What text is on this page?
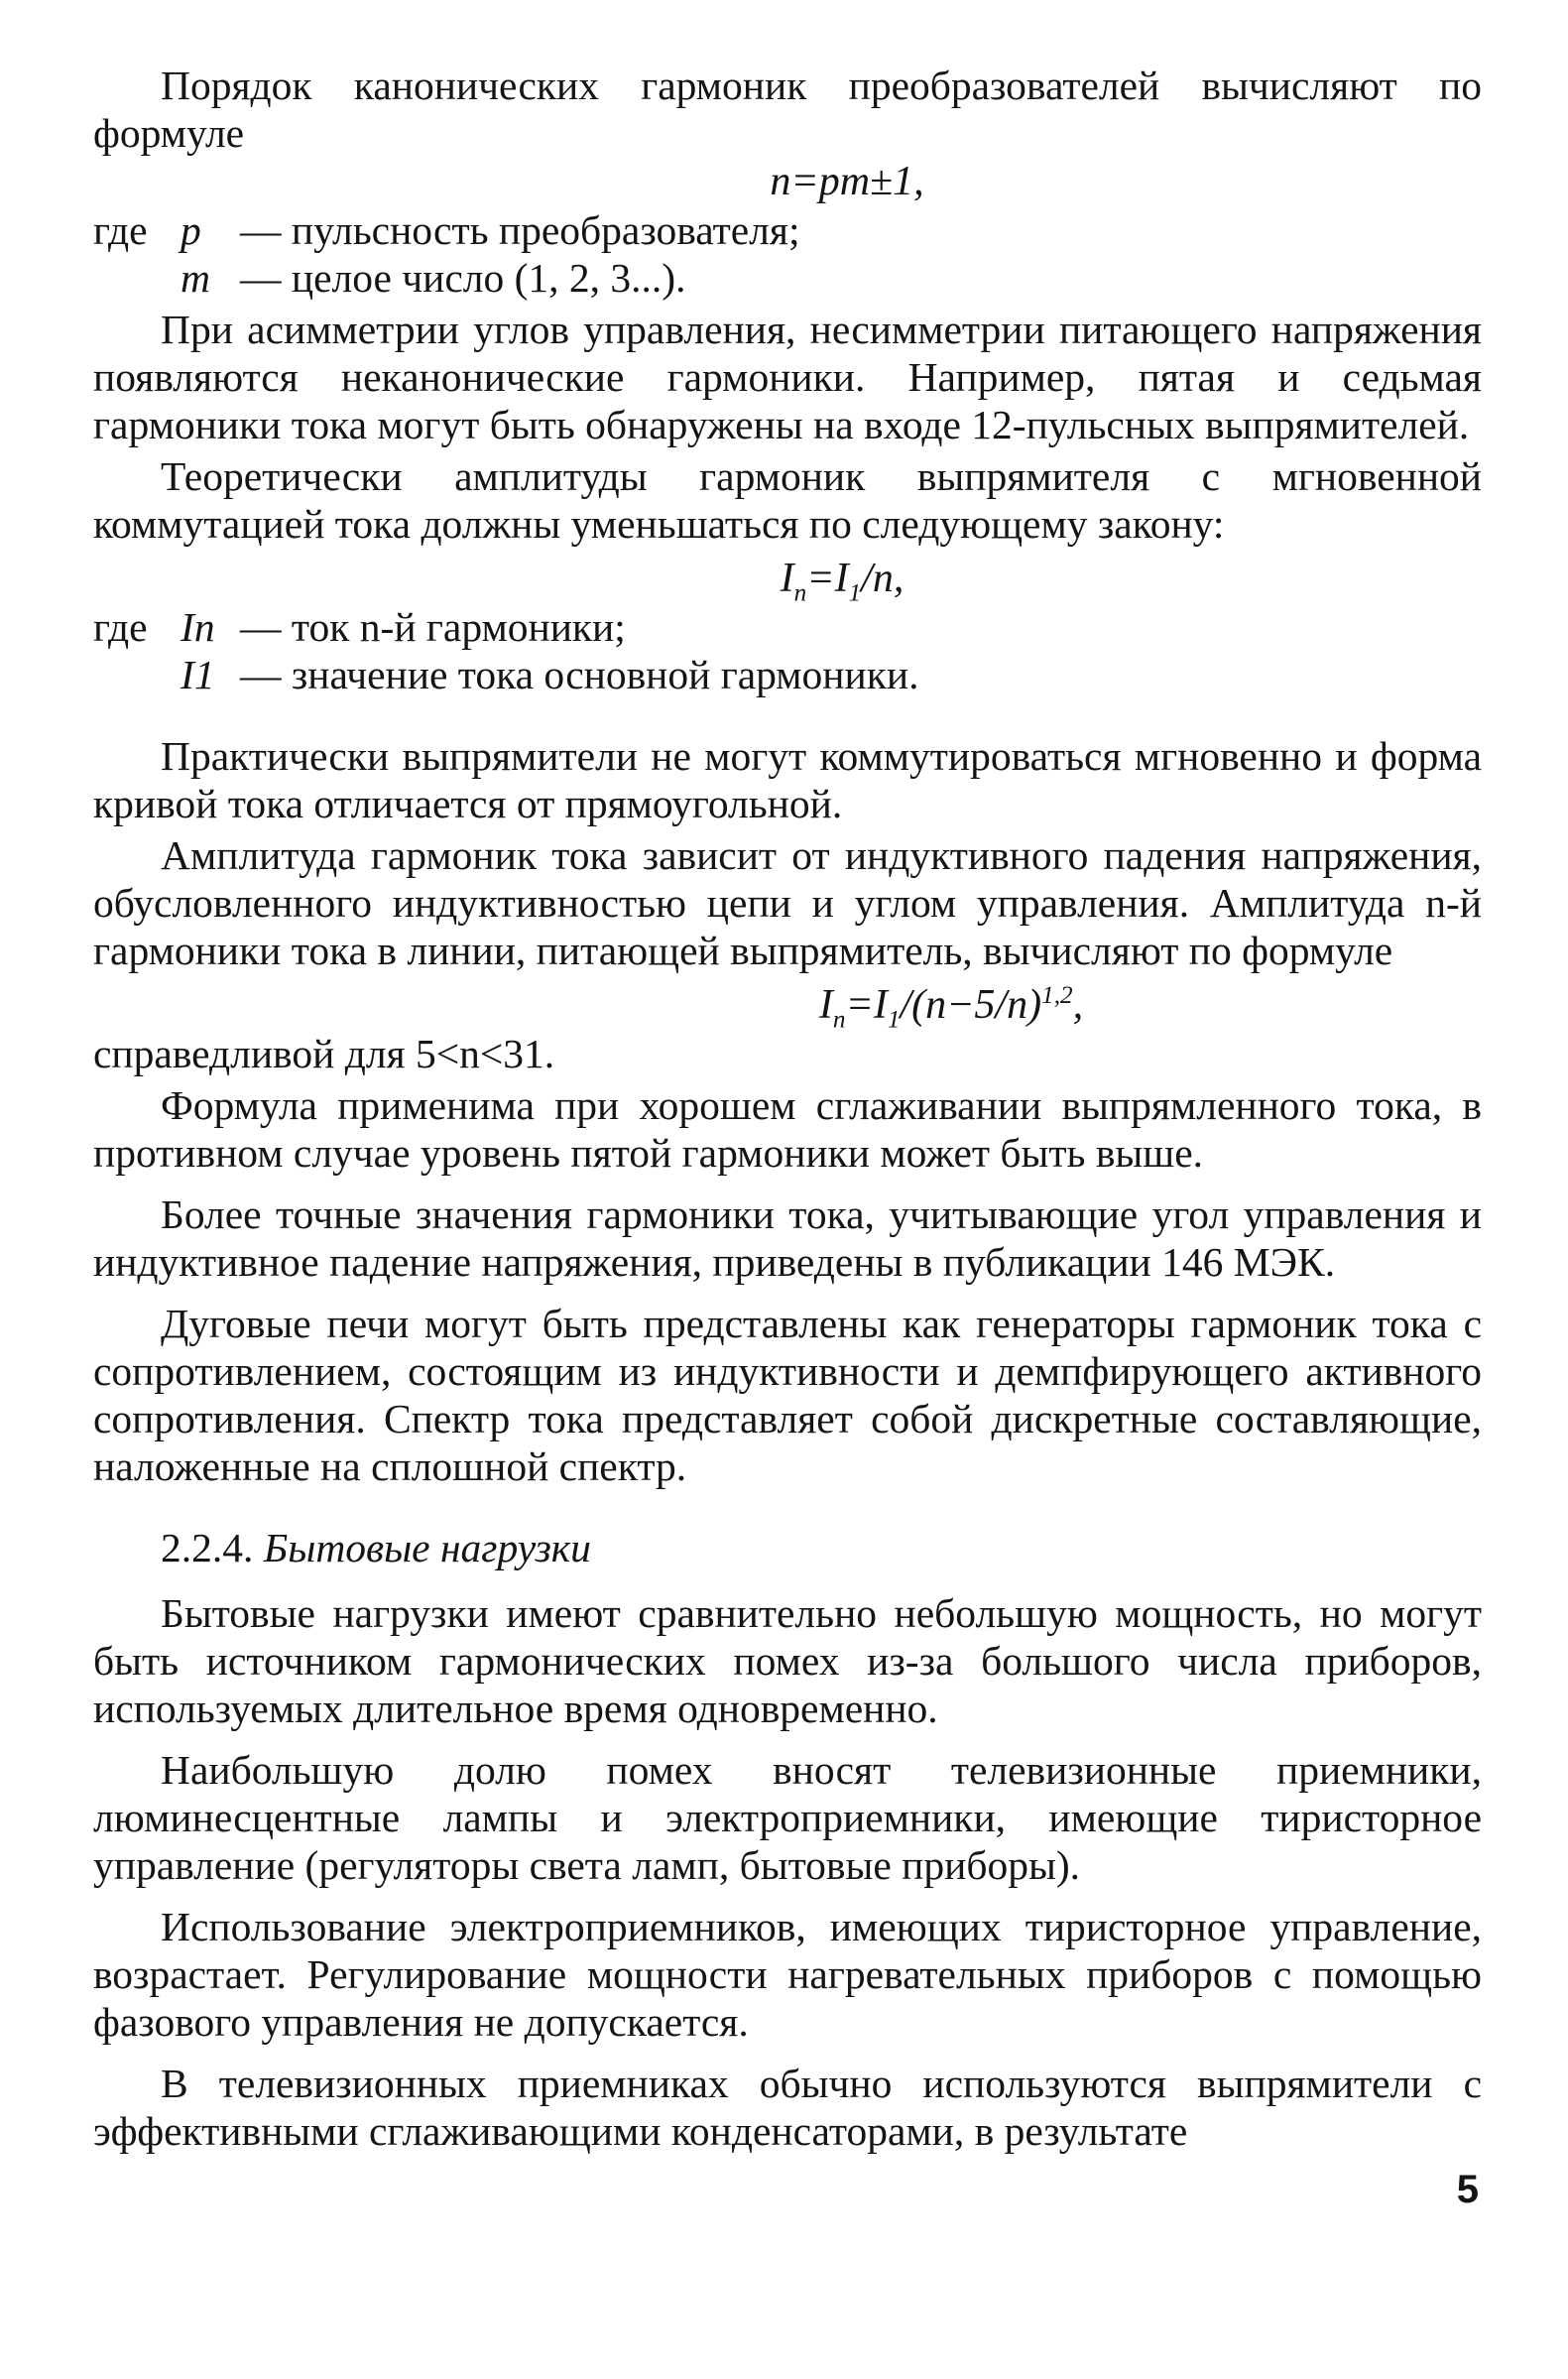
Порядок канонических гармоник преобразователей вычисляют по формуле

n=pm±1,

где p — пульсность преобразователя;
m — целое число (1, 2, 3...).

При асимметрии углов управления, несимметрии питающего напряжения появляются неканонические гармоники. Например, пятая и седьмая гармоники тока могут быть обнаружены на входе 12-пульсных выпрямителей.

Теоретически амплитуды гармоник выпрямителя с мгновенной коммутацией тока должны уменьшаться по следующему закону:

$I_n=I_1/n$,

где In — ток n-й гармоники;
I1 — значение тока основной гармоники.

Практически выпрямители не могут коммутироваться мгновенно и форма кривой тока отличается от прямоугольной.

Амплитуда гармоник тока зависит от индуктивного падения напряжения, обусловленного индуктивностью цепи и углом управления. Амплитуда n-й гармоники тока в линии, питающей выпрямитель, вычисляют по формуле

$I_n=I_1/(n-5/n)^{1,2}$,

справедливой для 5<n<31.

Формула применима при хорошем сглаживании выпрямленного тока, в противном случае уровень пятой гармоники может быть выше.

Более точные значения гармоники тока, учитывающие угол управления и индуктивное падение напряжения, приведены в публикации 146 МЭК.

Дуговые печи могут быть представлены как генераторы гармоник тока с сопротивлением, состоящим из индуктивности и демпфирующего активного сопротивления. Спектр тока представляет собой дискретные составляющие, наложенные на сплошной спектр.

2.2.4. Бытовые нагрузки

Бытовые нагрузки имеют сравнительно небольшую мощность, но могут быть источником гармонических помех из-за большого числа приборов, используемых длительное время одновременно.

Наибольшую долю помех вносят телевизионные приемники, люминесцентные лампы и электроприемники, имеющие тиристорное управление (регуляторы света ламп, бытовые приборы).

Использование электроприемников, имеющих тиристорное управление, возрастает. Регулирование мощности нагревательных приборов с помощью фазового управления не допускается.

В телевизионных приемниках обычно используются выпрямители с эффективными сглаживающими конденсаторами, в результате

5
